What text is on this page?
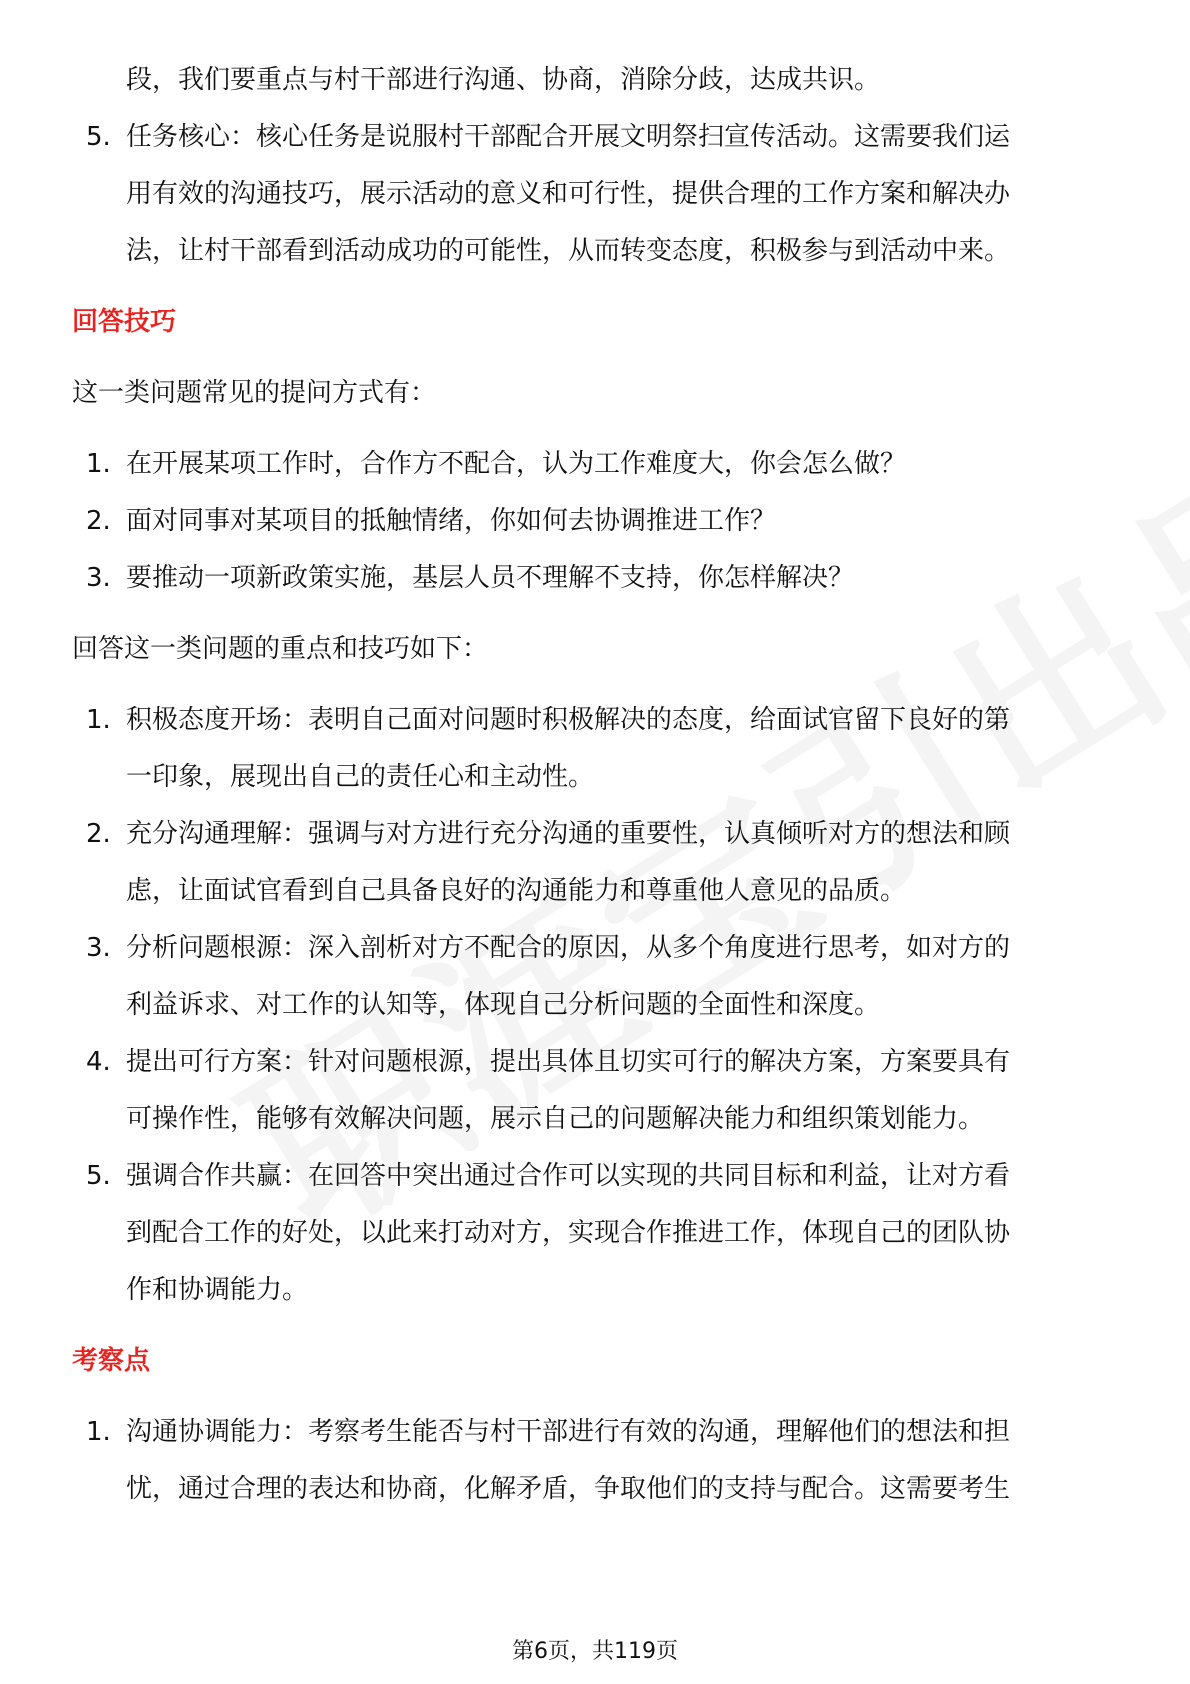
段，我们要重点与村干部进行沟通、协商，消除分歧，达成共识。

5. 任务核心：核心任务是说服村干部配合开展文明祭扫宣传活动。这需要我们运
用有效的沟通技巧，展示活动的意义和可行性，提供合理的工作方案和解决办
法，让村干部看到活动成功的可能性，从而转变态度，积极参与到活动中来。
回答技巧

这一类问题常见的提问方式有：

1. 在开展某项工作时，合作方不配合，认为工作难度大，你会怎么做？
2. 面对同事对某项目的抵触情绪，你如何去协调推进工作？
3. 要推动一项新政策实施，基层人员不理解不支持，你怎样解决？

回答这一类问题的重点和技巧如下：

1. 积极态度开场：表明自己面对问题时积极解决的态度，给面试官留下良好的第
一印象，展现出自己的责任心和主动性。
2. 充分沟通理解：强调与对方进行充分沟通的重要性，认真倾听对方的想法和顾
虑，让面试官看到自己具备良好的沟通能力和尊重他人意见的品质。
3. 分析问题根源：深入剖析对方不配合的原因，从多个角度进行思考，如对方的
利益诉求、对工作的认知等，体现自己分析问题的全面性和深度。
4. 提出可行方案：针对问题根源，提出具体且切实可行的解决方案，方案要具有
可操作性，能够有效解决问题，展示自己的问题解决能力和组织策划能力。
5. 强调合作共赢：在回答中突出通过合作可以实现的共同目标和利益，让对方看
到配合工作的好处，以此来打动对方，实现合作推进工作，体现自己的团队协
作和协调能力。
考察点
1. 沟通协调能力：考察考生能否与村干部进行有效的沟通，理解他们的想法和担
忧，通过合理的表达和协商，化解矛盾，争取他们的支持与配合。这需要考生
第6页，共119页
